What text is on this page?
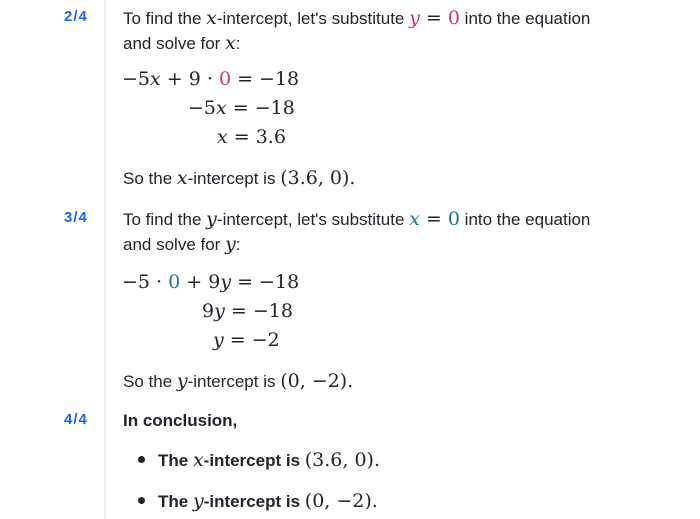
2/4 To find the x-intercept, let's substitute y = 0 into the equation
and solve for x:
−5x + 9 · 0 = −18
−5x = −18
x = 3.6
So the x-intercept is (3.6, 0).
3/4 To find the y-intercept, let's substitute x = 0 into the equation
and solve for y:
−5 · 0 + 9y = −18
9y = −18
y = −2
So the y-intercept is (0, −2).
4/4 In conclusion,
The x-intercept is (3.6, 0).
The y-intercept is (0, −2).
